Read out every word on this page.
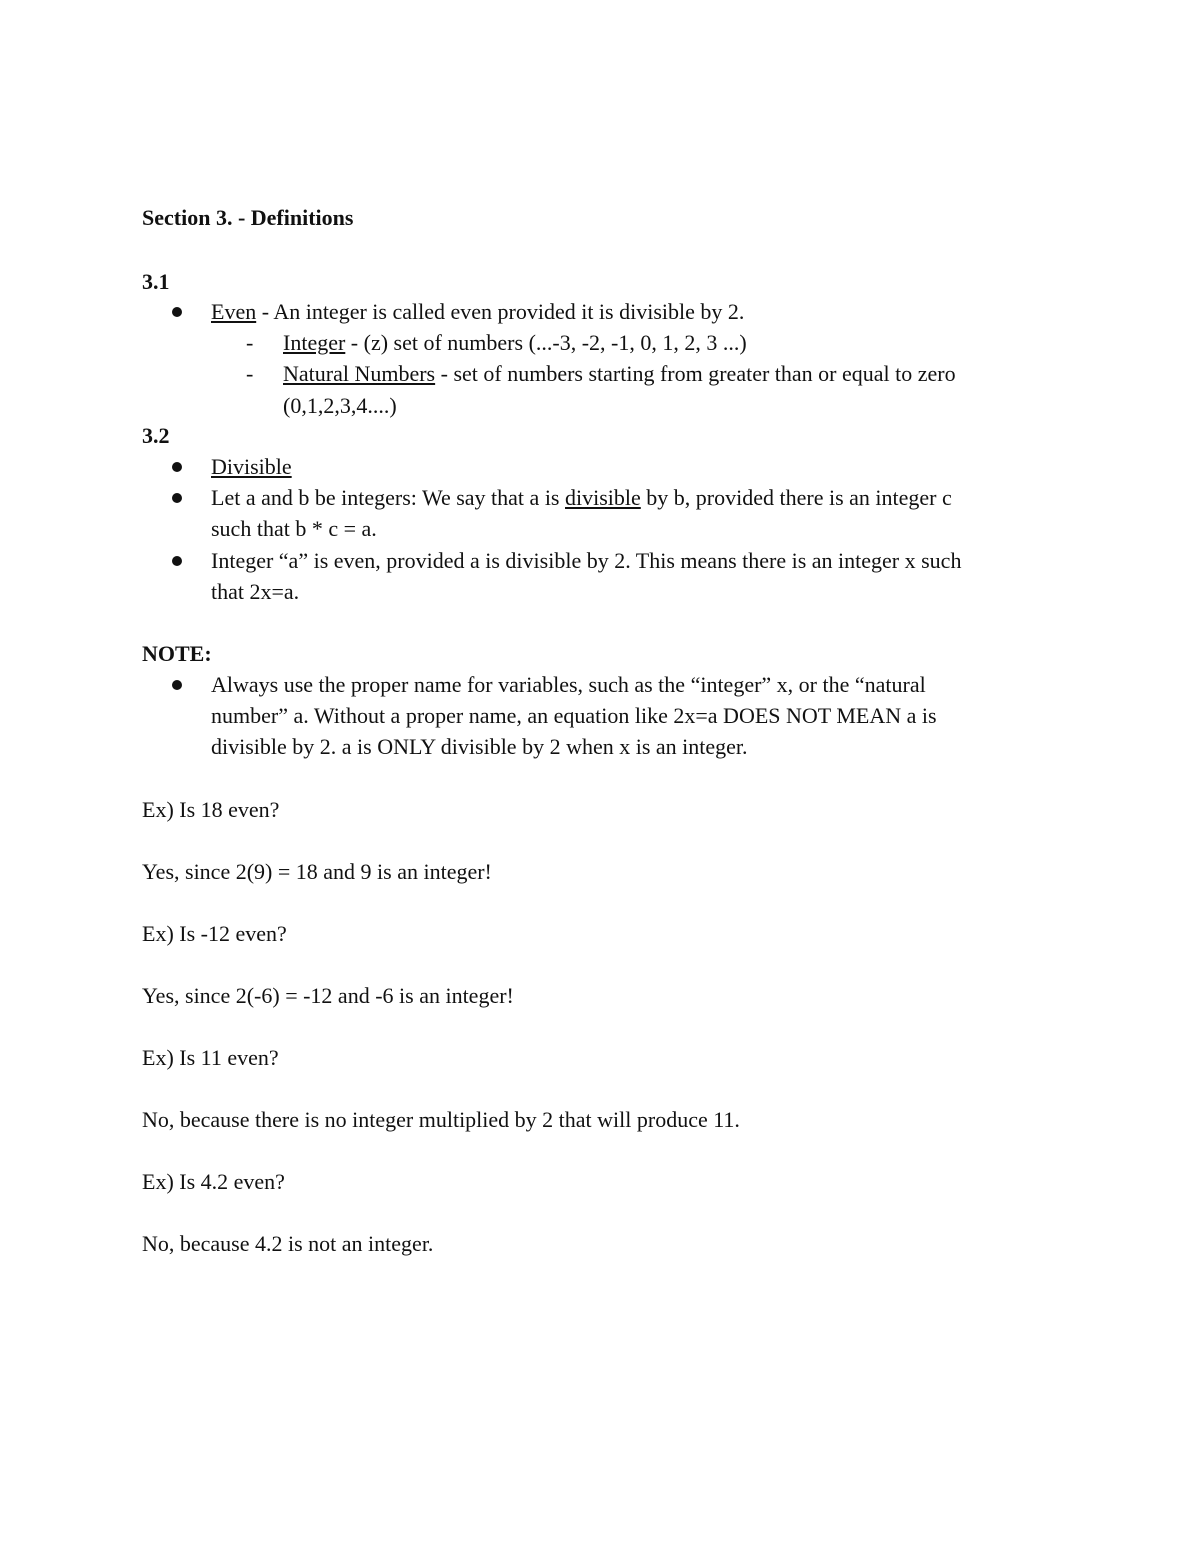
Section 3. - Definitions
3.1
Even - An integer is called even provided it is divisible by 2.
- Integer - (z) set of numbers (...-3, -2, -1, 0, 1, 2, 3 ...)
- Natural Numbers - set of numbers starting from greater than or equal to zero
(0,1,2,3,4....)
3.2
Divisible
Let a and b be integers: We say that a is divisible by b, provided there is an integer c
such that b * c = a.
Integer “a” is even, provided a is divisible by 2. This means there is an integer x such
that 2x=a.
NOTE:
Always use the proper name for variables, such as the “integer” x, or the “natural
number” a. Without a proper name, an equation like 2x=a DOES NOT MEAN a is
divisible by 2. a is ONLY divisible by 2 when x is an integer.
Ex) Is 18 even?
Yes, since 2(9) = 18 and 9 is an integer!
Ex) Is -12 even?
Yes, since 2(-6) = -12 and -6 is an integer!
Ex) Is 11 even?
No, because there is no integer multiplied by 2 that will produce 11.
Ex) Is 4.2 even?
No, because 4.2 is not an integer.
